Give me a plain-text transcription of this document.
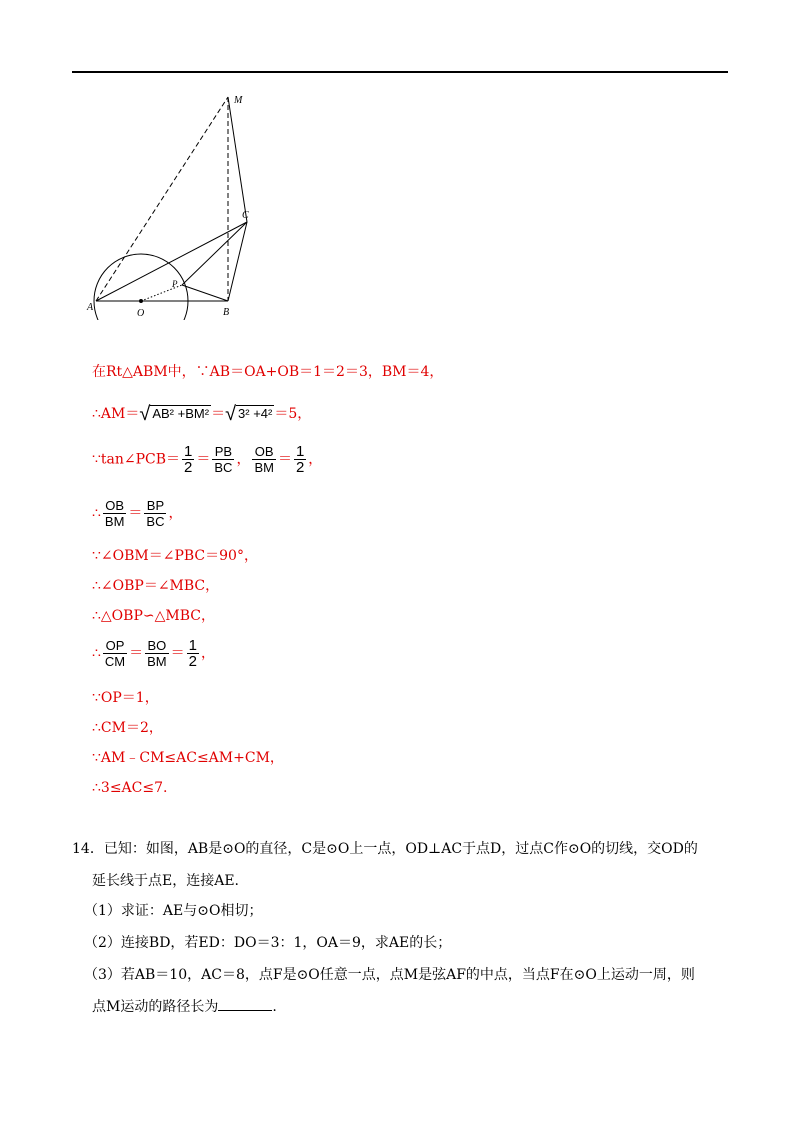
M
C
P
A
O	B
在Rt△ABM中，∵AB＝OA+OB＝1＝2＝3，BM＝4，
∴AM＝√ AB² +BM² ＝√ 3² +4² ＝5，
∵tan∠PCB＝ $\frac{1}{2} = \frac{PB}{BC}$ ， $\frac{OB}{BM} = \frac{1}{2}$ ，
∴ $\frac{OB}{BM} = \frac{BP}{BC}$ ，
∵∠OBM＝∠PBC＝90°，
∴∠OBP＝∠MBC，
∴△OBP∽△MBC，
∴ $\frac{OP}{CM} = \frac{BO}{BM} = \frac{1}{2}$ ，
∵OP＝1，
∴CM＝2，
∵AM﹣CM≤AC≤AM+CM，
∴3≤AC≤7.
14．已知：如图，AB是⊙O的直径，C是⊙O上一点，OD⊥AC于点D，过点C作⊙O的切线，交OD的
延长线于点E，连接AE.
（1）求证：AE与⊙O相切；
（2）连接BD，若ED：DO＝3：1，OA＝9，求AE的长；
（3）若AB＝10，AC＝8，点F是⊙O任意一点，点M是弦AF的中点，当点F在⊙O上运动一周，则
点M运动的路径长为	.
